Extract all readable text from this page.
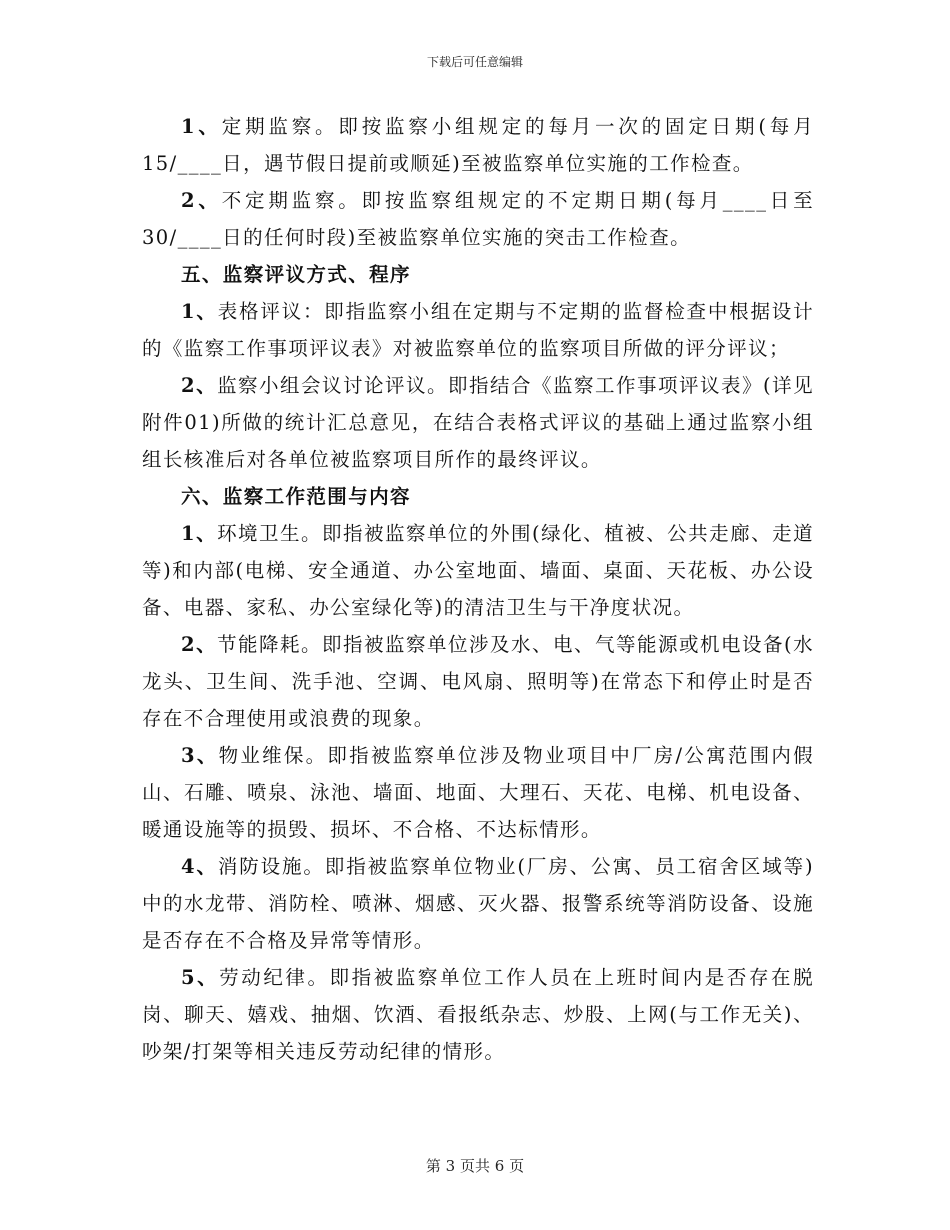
下载后可任意编辑

1、定期监察。即按监察小组规定的每月一次的固定日期(每月15/____日，遇节假日提前或顺延)至被监察单位实施的工作检查。

2、不定期监察。即按监察组规定的不定期日期(每月____日至30/____日的任何时段)至被监察单位实施的突击工作检查。

五、监察评议方式、程序

1、表格评议：即指监察小组在定期与不定期的监督检查中根据设计的《监察工作事项评议表》对被监察单位的监察项目所做的评分评议；

2、监察小组会议讨论评议。即指结合《监察工作事项评议表》(详见附件01)所做的统计汇总意见，在结合表格式评议的基础上通过监察小组组长核准后对各单位被监察项目所作的最终评议。

六、监察工作范围与内容

1、环境卫生。即指被监察单位的外围(绿化、植被、公共走廊、走道等)和内部(电梯、安全通道、办公室地面、墙面、桌面、天花板、办公设备、电器、家私、办公室绿化等)的清洁卫生与干净度状况。

2、节能降耗。即指被监察单位涉及水、电、气等能源或机电设备(水龙头、卫生间、洗手池、空调、电风扇、照明等)在常态下和停止时是否存在不合理使用或浪费的现象。

3、物业维保。即指被监察单位涉及物业项目中厂房/公寓范围内假山、石雕、喷泉、泳池、墙面、地面、大理石、天花、电梯、机电设备、暖通设施等的损毁、损坏、不合格、不达标情形。

4、消防设施。即指被监察单位物业(厂房、公寓、员工宿舍区域等)中的水龙带、消防栓、喷淋、烟感、灭火器、报警系统等消防设备、设施是否存在不合格及异常等情形。

5、劳动纪律。即指被监察单位工作人员在上班时间内是否存在脱岗、聊天、嬉戏、抽烟、饮酒、看报纸杂志、炒股、上网(与工作无关)、吵架/打架等相关违反劳动纪律的情形。

第 3 页共 6 页
